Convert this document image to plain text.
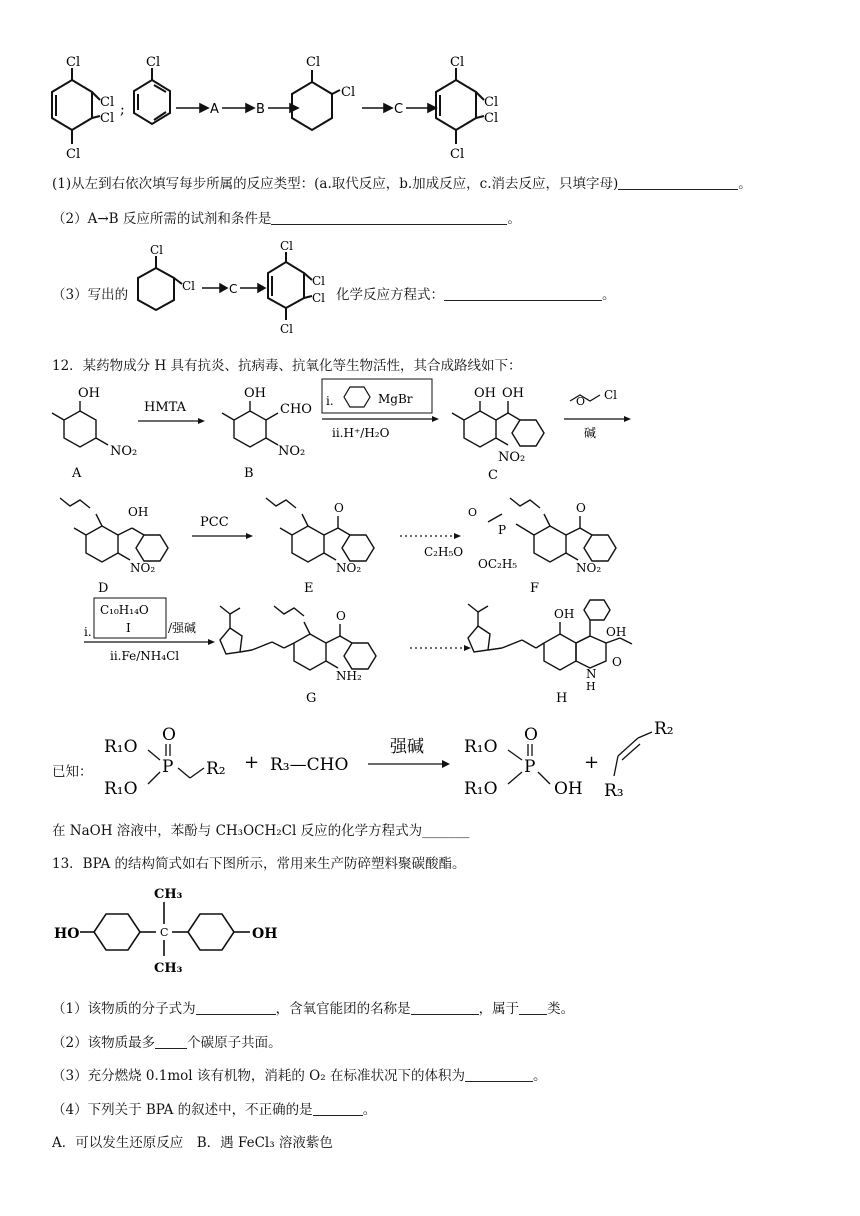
Cl
Cl
Cl
Cl
;
Cl
A	B
Cl
Cl
C
Cl
Cl
Cl
Cl
(1)从左到右依次填写每步所属的反应类型：(a.取代反应，b.加成反应，c.消去反应，只填字母)	。
（2）A→B 反应所需的试剂和条件是	。
（3）写出的
Cl
Cl	C
Cl
Cl
Cl
Cl 化学反应方程式：	。
12．某药物成分 H 具有抗炎、抗病毒、抗氧化等生物活性，其合成路线如下：
OH
NO₂
A
HMTA
OH
CHO
NO₂
B
i.	MgBr
ii.H⁺/H₂O
OH OH
NO₂
C
O Cl
碱
OH
NO₂
D
PCC
O
NO₂
E
O
P
C₂H₅O
OC₂H₅
O
NO₂
F
C₁₀H₁₄O
I
i.	/强碱
ii.Fe/NH₄Cl
O
NH₂
G
OH
OH
O
N
H
H
已知：
R₁O
R₁O
O
P R₂ + R₃—CHO
强碱 R₁O
R₁O
O
P
OH
+
R₂
R₃
在 NaOH 溶液中，苯酚与 CH₃OCH₂Cl 反应的化学方程式为_______
13．BPA 的结构简式如右下图所示，常用来生产防碎塑料聚碳酸酯。
HO	C
CH₃
CH₃
OH
（1）该物质的分子式为	，含氧官能团的名称是	，属于 类。
（2）该物质最多 个碳原子共面。
（3）充分燃烧 0.1mol 该有机物，消耗的 O₂ 在标准状况下的体积为	。
（4）下列关于 BPA 的叙述中，不正确的是	。
A．可以发生还原反应　B．遇 FeCl₃ 溶液紫色
